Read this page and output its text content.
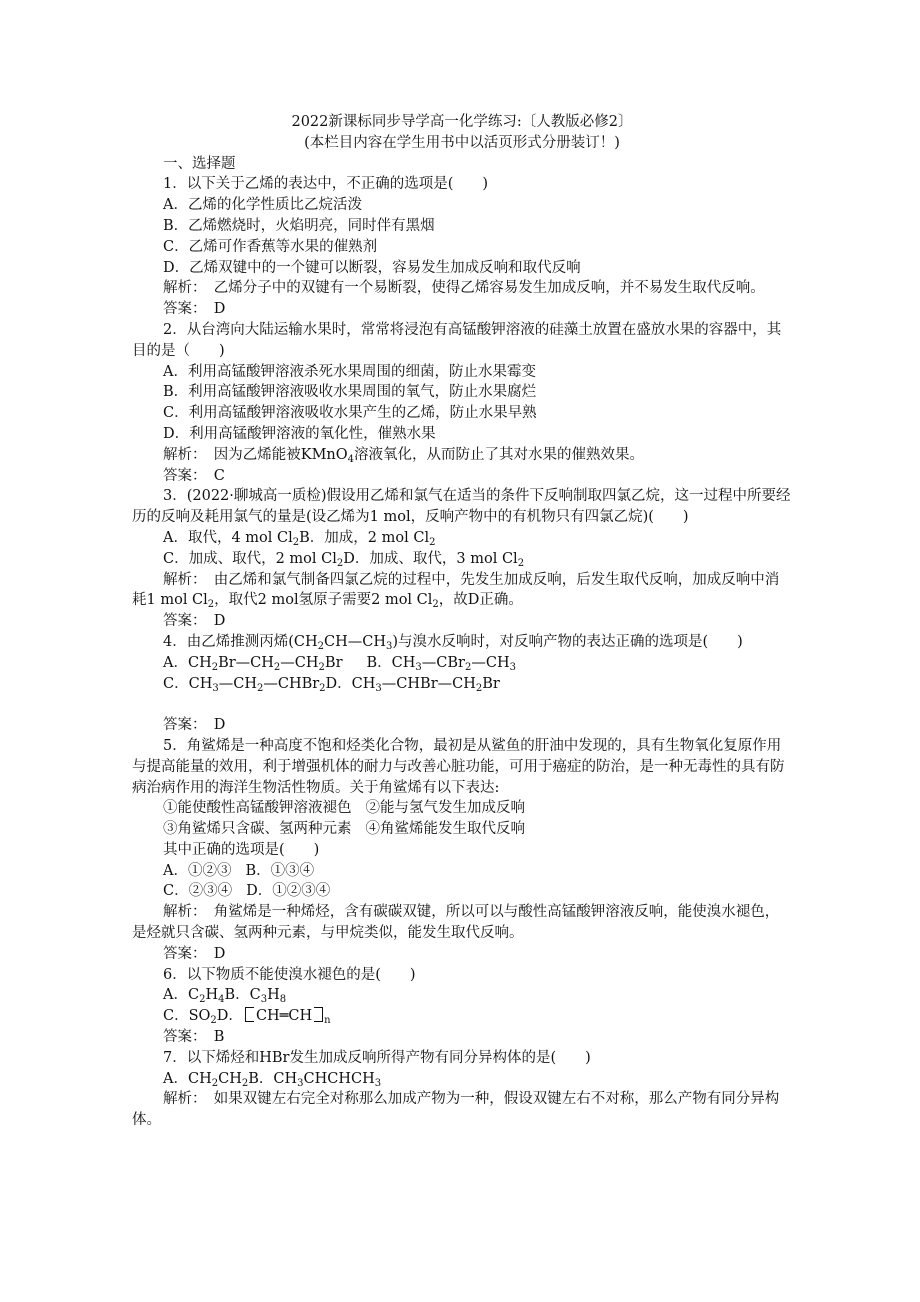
2022新课标同步导学高一化学练习:〔人教版必修2〕
(本栏目内容在学生用书中以活页形式分册装订！)
一、选择题
1．以下关于乙烯的表达中，不正确的选项是(　　)
A．乙烯的化学性质比乙烷活泼
B．乙烯燃烧时，火焰明亮，同时伴有黑烟
C．乙烯可作香蕉等水果的催熟剂
D．乙烯双键中的一个键可以断裂，容易发生加成反响和取代反响
解析：　乙烯分子中的双键有一个易断裂，使得乙烯容易发生加成反响，并不易发生取代反响。
答案：　D
2．从台湾向大陆运输水果时，常常将浸泡有高锰酸钾溶液的硅藻土放置在盛放水果的容器中，其目的是（　　)
A．利用高锰酸钾溶液杀死水果周围的细菌，防止水果霉变
B．利用高锰酸钾溶液吸收水果周围的氧气，防止水果腐烂
C．利用高锰酸钾溶液吸收水果产生的乙烯，防止水果早熟
D．利用高锰酸钾溶液的氧化性，催熟水果
解析：　因为乙烯能被KMnO$_4$溶液氧化，从而防止了其对水果的催熟效果。
答案：　C
3．(2022·聊城高一质检)假设用乙烯和氯气在适当的条件下反响制取四氯乙烷，这一过程中所要经历的反响及耗用氯气的量是(设乙烯为1 mol，反响产物中的有机物只有四氯乙烷)(　　)
A．取代，4 mol $Cl_2B$．加成，2 mol $Cl_2$
C．加成、取代，2 mol $Cl_2D$．加成、取代，3 mol $Cl_2$
解析：　由乙烯和氯气制备四氯乙烷的过程中，先发生加成反响，后发生取代反响，加成反响中消耗1 mol $Cl_2$，取代2 mol氢原子需要2 mol $Cl_2$，故D正确。
答案：　D
4．由乙烯推测丙烯$(CH_2CH—CH_3)$与溴水反响时，对反响产物的表达正确的选项是(　　)
A．$CH_2Br—CH_2—CH_2Br$ B．$CH_3—CBr_2—CH_3$
C．$CH_3—CH_2—CHBr_2D$．$CH_3—CHBr—CH_2Br$
答案：　D
5．角鲨烯是一种高度不饱和烃类化合物，最初是从鲨鱼的肝油中发现的，具有生物氧化复原作用与提高能量的效用，利于增强机体的耐力与改善心脏功能，可用于癌症的防治，是一种无毒性的具有防病治病作用的海洋生物活性物质。关于角鲨烯有以下表达:
①能使酸性高锰酸钾溶液褪色 ②能与氢气发生加成反响
③角鲨烯只含碳、氢两种元素 ④角鲨烯能发生取代反响
其中正确的选项是(　　)
A．①②③ B．①③④
C．②③④ D．①②③④
解析：　角鲨烯是一种烯烃，含有碳碳双键，所以可以与酸性高锰酸钾溶液反响，能使溴水褪色，是烃就只含碳、氢两种元素，与甲烷类似，能发生取代反响。
答案：　D
6．以下物质不能使溴水褪色的是(　　)
A．$C_2H_4B$．$C_3H_8$
C．$SO_2D$． CH═CH $_n$
答案：　B
7．以下烯烃和HBr发生加成反响所得产物有同分异构体的是(　　)
A．$CH_2CH_2B$．$CH_3CHCHCH_3$
解析：　如果双键左右完全对称那么加成产物为一种，假设双键左右不对称，那么产物有同分异构体。
